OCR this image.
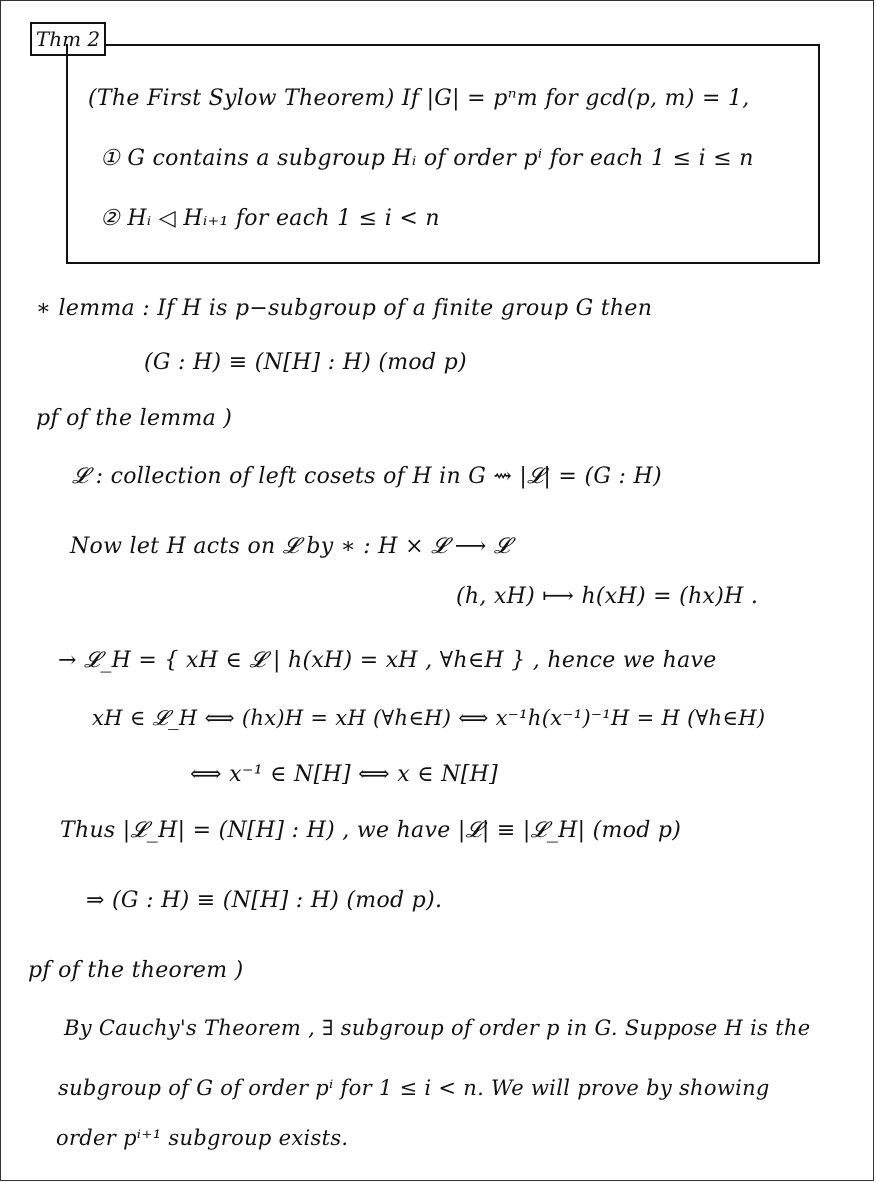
Thm 2
(The First Sylow Theorem) If |G| = pⁿm for gcd(p, m) = 1,
① G contains a subgroup Hᵢ of order pⁱ for each 1 ≤ i ≤ n
② Hᵢ ◁ Hᵢ₊₁ for each 1 ≤ i < n
∗ lemma : If H is p−subgroup of a finite group G then
(G : H) ≡ (N[H] : H) (mod p)
pf of the lemma )
𝓛 : collection of left cosets of H in G ⇝ |𝓛| = (G : H)
Now let H acts on 𝓛 by ∗ : H × 𝓛 ⟶ 𝓛
(h, xH) ⟼ h(xH) = (hx)H .
→ 𝓛_H = { xH ∈ 𝓛 | h(xH) = xH , ∀h∈H } , hence we have
xH ∈ 𝓛_H ⟺ (hx)H = xH (∀h∈H) ⟺ x⁻¹h(x⁻¹)⁻¹H = H (∀h∈H)
⟺ x⁻¹ ∈ N[H] ⟺ x ∈ N[H]
Thus |𝓛_H| = (N[H] : H) , we have |𝓛| ≡ |𝓛_H| (mod p)
⇒ (G : H) ≡ (N[H] : H) (mod p).
pf of the theorem )
By Cauchy's Theorem , ∃ subgroup of order p in G. Suppose H is the
subgroup of G of order pⁱ for 1 ≤ i < n. We will prove by showing
order pⁱ⁺¹ subgroup exists.
